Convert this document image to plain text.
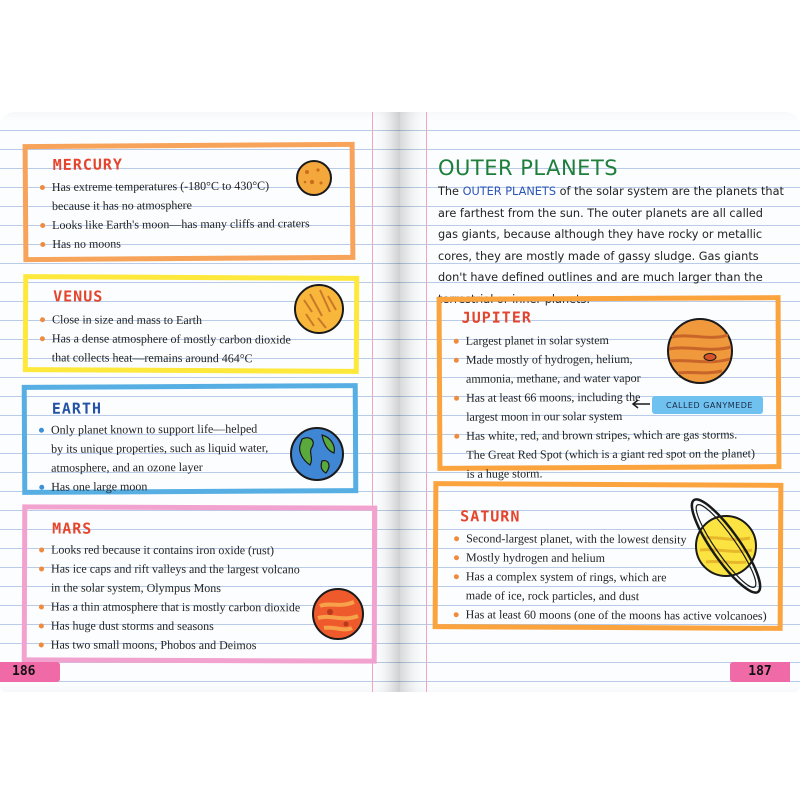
MERCURY
Has extreme temperatures (-180°C to 430°C)
because it has no atmosphere
Looks like Earth's moon—has many cliffs and craters
Has no moons
VENUS
Close in size and mass to Earth
Has a dense atmosphere of mostly carbon dioxide
that collects heat—remains around 464°C
EARTH
Only planet known to support life—helped
by its unique properties, such as liquid water,
atmosphere, and an ozone layer
Has one large moon
MARS
Looks red because it contains iron oxide (rust)
Has ice caps and rift valleys and the largest volcano
in the solar system, Olympus Mons
Has a thin atmosphere that is mostly carbon dioxide
Has huge dust storms and seasons
Has two small moons, Phobos and Deimos
OUTER PLANETS
The OUTER PLANETS of the solar system are the planets that
are farthest from the sun. The outer planets are all called
gas giants, because although they have rocky or metallic
cores, they are mostly made of gassy sludge. Gas giants
don't have defined outlines and are much larger than the
terrestrial or inner planets.
JUPITER
Largest planet in solar system
Made mostly of hydrogen, helium,
ammonia, methane, and water vapor
Has at least 66 moons, including the
largest moon in our solar system
Has white, red, and brown stripes, which are gas storms.
The Great Red Spot (which is a giant red spot on the planet)
is a huge storm.
CALLED GANYMEDE
SATURN
Second-largest planet, with the lowest density
Mostly hydrogen and helium
Has a complex system of rings, which are
made of ice, rock particles, and dust
Has at least 60 moons (one of the moons has active volcanoes)
186	187
